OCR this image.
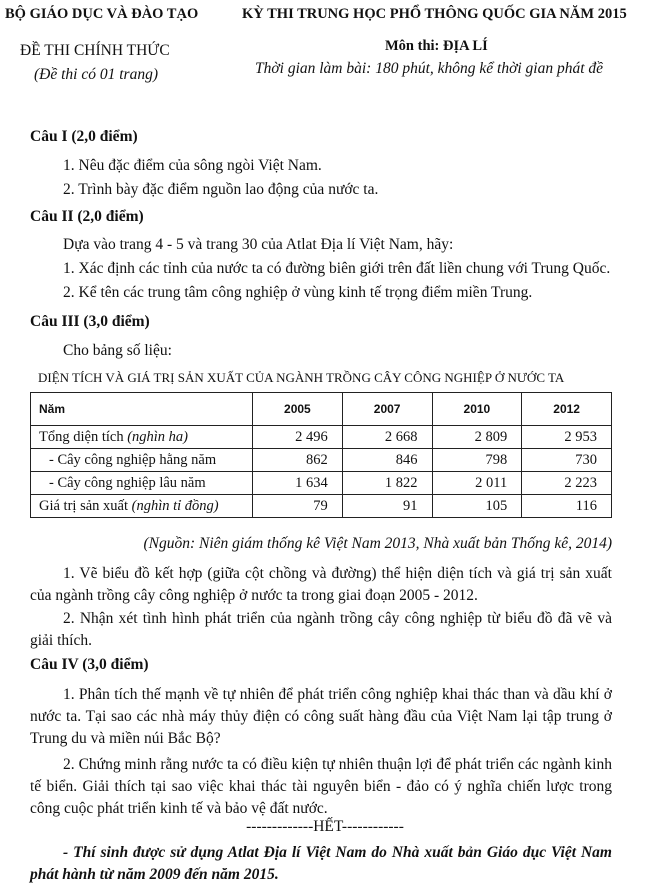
BỘ GIÁO DỤC VÀ ĐÀO TẠO	KỲ THI TRUNG HỌC PHỔ THÔNG QUỐC GIA NĂM 2015
ĐỀ THI CHÍNH THỨC	Môn thi: ĐỊA LÍ
(Đề thi có 01 trang)	Thời gian làm bài: 180 phút, không kể thời gian phát đề
Câu I (2,0 điểm)
1. Nêu đặc điểm của sông ngòi Việt Nam.
2. Trình bày đặc điểm nguồn lao động của nước ta.
Câu II (2,0 điểm)
Dựa vào trang 4 - 5 và trang 30 của Atlat Địa lí Việt Nam, hãy:
1. Xác định các tỉnh của nước ta có đường biên giới trên đất liền chung với Trung Quốc.
2. Kể tên các trung tâm công nghiệp ở vùng kinh tế trọng điểm miền Trung.
Câu III (3,0 điểm)
Cho bảng số liệu:
DIỆN TÍCH VÀ GIÁ TRỊ SẢN XUẤT CỦA NGÀNH TRỒNG CÂY CÔNG NGHIỆP Ở NƯỚC TA
Năm	2005	2007	2010	2012
Tổng diện tích (nghìn ha)	2 496	2 668	2 809	2 953
- Cây công nghiệp hằng năm	862	846	798	730
- Cây công nghiệp lâu năm	1 634	1 822	2 011	2 223
Giá trị sản xuất (nghìn tỉ đồng)	79	91	105	116
(Nguồn: Niên giám thống kê Việt Nam 2013, Nhà xuất bản Thống kê, 2014)
1. Vẽ biểu đồ kết hợp (giữa cột chồng và đường) thể hiện diện tích và giá trị sản xuất của ngành trồng cây công nghiệp ở nước ta trong giai đoạn 2005 - 2012.
2. Nhận xét tình hình phát triển của ngành trồng cây công nghiệp từ biểu đồ đã vẽ và giải thích.
Câu IV (3,0 điểm)
1. Phân tích thế mạnh về tự nhiên để phát triển công nghiệp khai thác than và dầu khí ở nước ta. Tại sao các nhà máy thủy điện có công suất hàng đầu của Việt Nam lại tập trung ở Trung du và miền núi Bắc Bộ?
2. Chứng minh rằng nước ta có điều kiện tự nhiên thuận lợi để phát triển các ngành kinh tế biển. Giải thích tại sao việc khai thác tài nguyên biển - đảo có ý nghĩa chiến lược trong công cuộc phát triển kinh tế và bảo vệ đất nước.
-------------HẾT------------
- Thí sinh được sử dụng Atlat Địa lí Việt Nam do Nhà xuất bản Giáo dục Việt Nam phát hành từ năm 2009 đến năm 2015.
